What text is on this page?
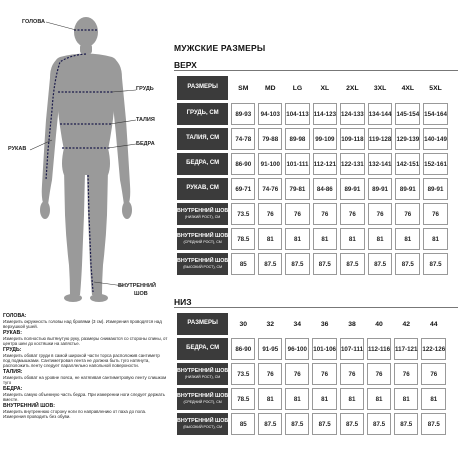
ГОЛОВА
ГРУДЬ
ТАЛИЯ
РУКАВ
БЕДРА
ВНУТРЕННИЙ
ШОВ
ГОЛОВА:
Измерить окружность головы над бровями (3 см). Измерения проводятся над верхушкой ушей.
РУКАВ:
Измерить полностью вытянутую руку, размеры снимаются со стороны спины, от центра шеи до костяшки на запястье.
ГРУДЬ:
Измерить обхват груди в самой широкой части торса расположив сантиметр под подмышками. Сантиметровая лента не должна быть туго натянута, расположить ленту следует параллельно напольной поверхности.
ТАЛИЯ:
Измерить обхват на уровне пояса, не натягивая сантиметровую ленту слишком туго
БЕДРА:
Измерить самую объемную часть бедра. При измерении ноги следует держать вместе.
ВНУТРЕННИЙ ШОВ:
Измерить внутреннюю сторону ноги по направлению от паха до пола. Измерения проводить без обуви.
МУЖСКИЕ РАЗМЕРЫ
ВЕРХ
РАЗМЕРЫ	SM	MD	LG	XL	2XL	3XL	4XL	5XL
ГРУДЬ, СМ	89-93	94-103	104-113	114-123	124-133	134-144	145-154	154-164
ТАЛИЯ, СМ	74-78	79-88	89-98	99-109	109-118	119-128	129-139	140-149
БЕДРА, СМ	86-90	91-100	101-111	112-121	122-131	132-141	142-151	152-161
РУКАВ, СМ	69-71	74-76	79-81	84-86	89-91	89-91	89-91	89-91
ВНУТРЕННИЙ ШОВ
(НИЗКИЙ РОСТ), СМ	73.5	76	76	76	76	76	76	76
ВНУТРЕННИЙ ШОВ
(СРЕДНИЙ РОСТ), СМ	78.5	81	81	81	81	81	81	81
ВНУТРЕННИЙ ШОВ
(ВЫСОКИЙ РОСТ), СМ	85	87.5	87.5	87.5	87.5	87.5	87.5	87.5
НИЗ
РАЗМЕРЫ	30	32	34	36	38	40	42	44
БЕДРА, СМ	86-90	91-95	96-100	101-106	107-111	112-116	117-121	122-126
ВНУТРЕННИЙ ШОВ
(НИЗКИЙ РОСТ), СМ	73.5	76	76	76	76	76	76	76
ВНУТРЕННИЙ ШОВ
(СРЕДНИЙ РОСТ), СМ	78.5	81	81	81	81	81	81	81
ВНУТРЕННИЙ ШОВ
(ВЫСОКИЙ РОСТ), СМ	85	87.5	87.5	87.5	87.5	87.5	87.5	87.5
